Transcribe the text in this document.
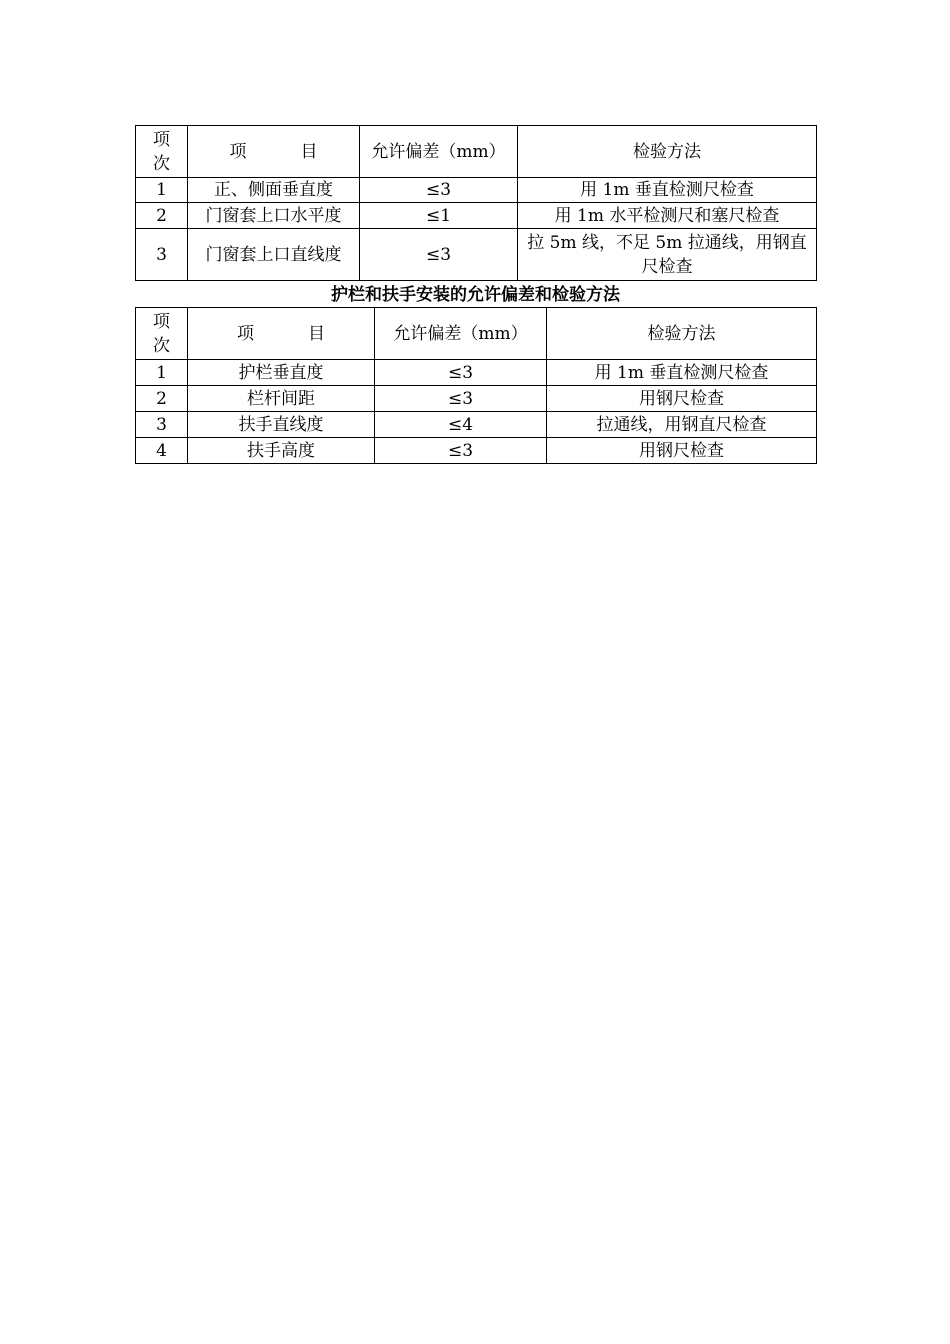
项
次	项          目	允许偏差（mm）	检验方法
1	正、侧面垂直度	≤3	用 1m 垂直检测尺检查
2	门窗套上口水平度	≤1	用 1m 水平检测尺和塞尺检查
3	门窗套上口直线度	≤3	拉 5m 线，不足 5m 拉通线，用钢直尺检查
护栏和扶手安装的允许偏差和检验方法
项
次	项          目	允许偏差（mm）	检验方法
1	护栏垂直度	≤3	用 1m 垂直检测尺检查
2	栏杆间距	≤3	用钢尺检查
3	扶手直线度	≤4	拉通线，用钢直尺检查
4	扶手高度	≤3	用钢尺检查
